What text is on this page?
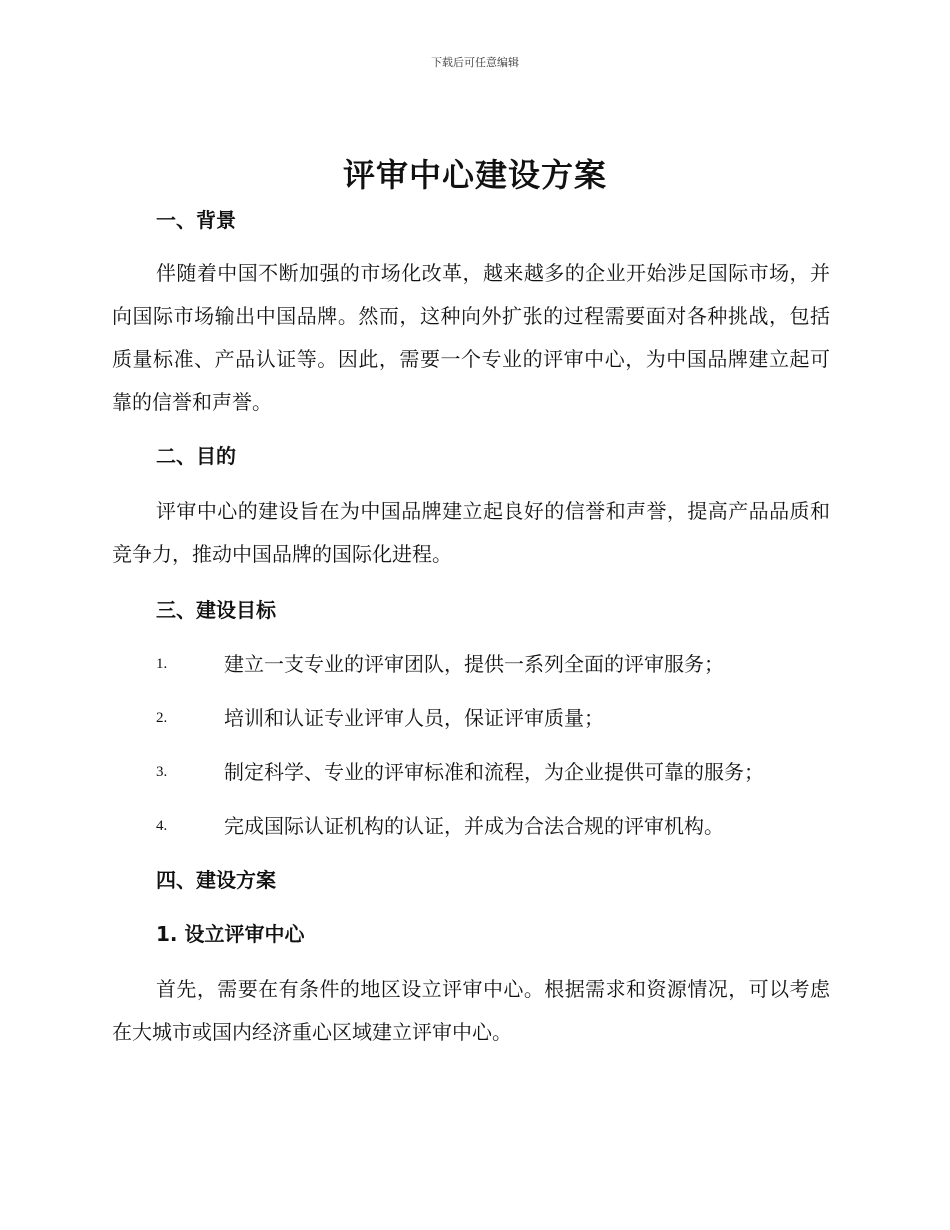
下载后可任意编辑
评审中心建设方案
一、背景

伴随着中国不断加强的市场化改革，越来越多的企业开始涉足国际市场，并向国际市场输出中国品牌。然而，这种向外扩张的过程需要面对各种挑战，包括质量标准、产品认证等。因此，需要一个专业的评审中心，为中国品牌建立起可靠的信誉和声誉。

二、目的

评审中心的建设旨在为中国品牌建立起良好的信誉和声誉，提高产品品质和竞争力，推动中国品牌的国际化进程。

三、建设目标
1.	建立一支专业的评审团队，提供一系列全面的评审服务；
2.	培训和认证专业评审人员，保证评审质量；
3.	制定科学、专业的评审标准和流程，为企业提供可靠的服务；
4.	完成国际认证机构的认证，并成为合法合规的评审机构。
四、建设方案
1. 设立评审中心

首先，需要在有条件的地区设立评审中心。根据需求和资源情况，可以考虑在大城市或国内经济重心区域建立评审中心。
